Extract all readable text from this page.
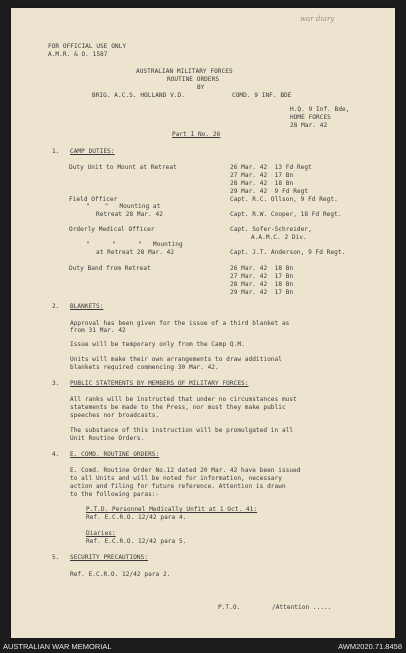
war diary
FOR OFFICIAL USE ONLY
A.M.R. & O. 1587
AUSTRALIAN MILITARY FORCES
ROUTINE ORDERS
BY
BRIG. A.C.S. HOLLAND V.D.	COMD. 9 INF. BDE
H.Q. 9 Inf. Bde,
HOME FORCES
28 Mar. 42
Part I No. 26
1. CAMP DUTIES:
Duty Unit to Mount at Retreat	26 Mar. 42  13 Fd Regt
27 Mar. 42  17 Bn
28 Mar. 42  18 Bn
29 Mar. 42  9 Fd Regt
Field Officer	Capt. R.C. Ollson, 9 Fd Regt.
"    "   Mounting at
Retreat 28 Mar. 42	Capt. R.W. Cooper, 18 Fd Regt.
Orderly Medical Officer	Capt. Sofer-Schreider,
A.A.M.C. 2 Div.
"      "      "   Mounting
at Retreat 28 Mar. 42	Capt. J.T. Anderson, 9 Fd Regt.
Duty Band from Retreat	26 Mar. 42  18 Bn
27 Mar. 42  17 Bn
28 Mar. 42  18 Bn
29 Mar. 42  17 Bn
2. BLANKETS:
Approval has been given for the issue of a third blanket as
from 31 Mar. 42
Issue will be temporary only from the Camp Q.M.
Units will make their own arrangements to draw additional
blankets required commencing 30 Mar. 42.
3. PUBLIC STATEMENTS BY MEMBERS OF MILITARY FORCES:
All ranks will be instructed that under no circumstances must
statements be made to the Press, nor must they make public
speeches nor broadcasts.
The substance of this instruction will be promulgated in all
Unit Routine Orders.
4. E. COMD. ROUTINE ORDERS:
E. Comd. Routine Order No.12 dated 20 Mar. 42 have been issued
to all Units and will be noted for information, necessary
action and filing for future reference. Attention is drawn
to the following paras:-
P.T.D. Personnel Medically Unfit at 1 Oct. 41:
Ref. E.C.R.O. 12/42 para 4.
Diaries:
Ref. E.C.R.O. 12/42 para 5.
5. SECURITY PRECAUTIONS:
Ref. E.C.R.O. 12/42 para 2.
P.T.O.	/Attention .....
AUSTRALIAN WAR MEMORIAL	AWM2020.71.8458
